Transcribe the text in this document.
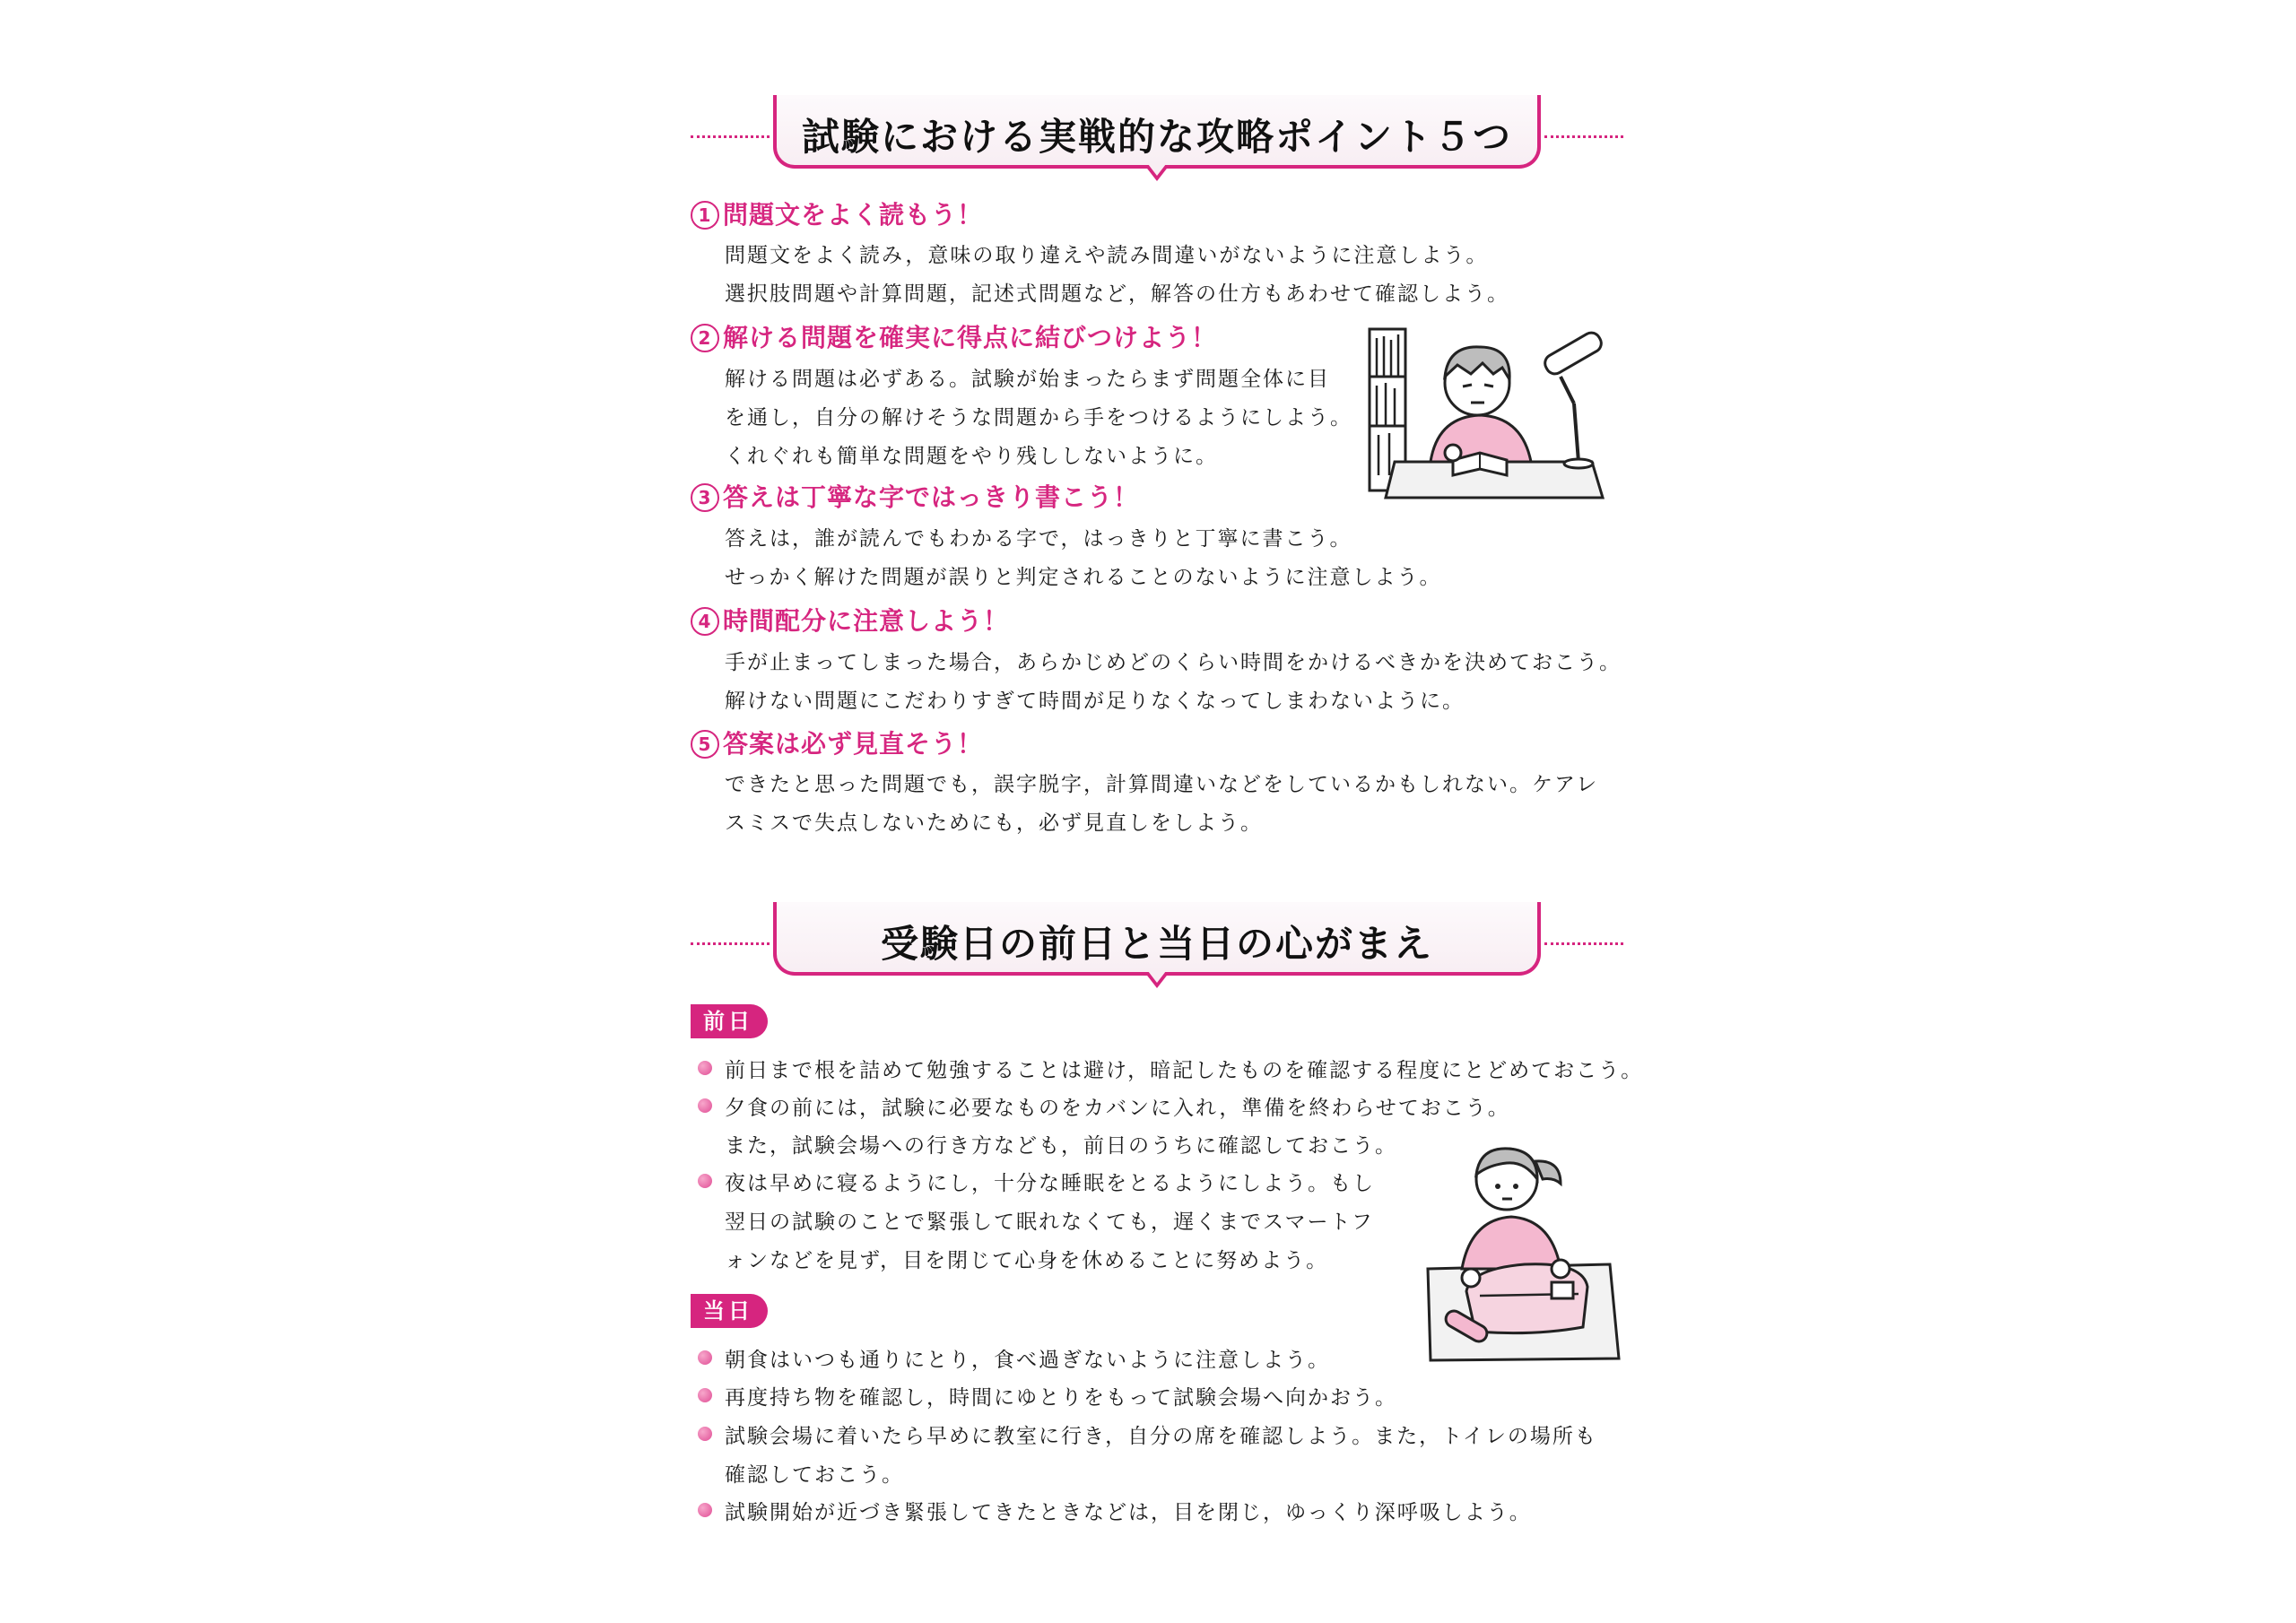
試験における実戦的な攻略ポイント５つ
1 問題文をよく読もう！
問題文をよく読み，意味の取り違えや読み間違いがないように注意しよう。
選択肢問題や計算問題，記述式問題など，解答の仕方もあわせて確認しよう。
2 解ける問題を確実に得点に結びつけよう！
解ける問題は必ずある。試験が始まったらまず問題全体に目
を通し，自分の解けそうな問題から手をつけるようにしよう。
くれぐれも簡単な問題をやり残ししないように。
3 答えは丁寧な字ではっきり書こう！
答えは，誰が読んでもわかる字で，はっきりと丁寧に書こう。
せっかく解けた問題が誤りと判定されることのないように注意しよう。
4 時間配分に注意しよう！
手が止まってしまった場合，あらかじめどのくらい時間をかけるべきかを決めておこう。
解けない問題にこだわりすぎて時間が足りなくなってしまわないように。
5 答案は必ず見直そう！
できたと思った問題でも，誤字脱字，計算間違いなどをしているかもしれない。ケアレ
スミスで失点しないためにも，必ず見直しをしよう。
受験日の前日と当日の心がまえ
前日
前日まで根を詰めて勉強することは避け，暗記したものを確認する程度にとどめておこう。
夕食の前には，試験に必要なものをカバンに入れ，準備を終わらせておこう。
また，試験会場への行き方なども，前日のうちに確認しておこう。
夜は早めに寝るようにし，十分な睡眠をとるようにしよう。もし
翌日の試験のことで緊張して眠れなくても，遅くまでスマートフ
ォンなどを見ず，目を閉じて心身を休めることに努めよう。
当日
朝食はいつも通りにとり，食べ過ぎないように注意しよう。
再度持ち物を確認し，時間にゆとりをもって試験会場へ向かおう。
試験会場に着いたら早めに教室に行き，自分の席を確認しよう。また，トイレの場所も
確認しておこう。
試験開始が近づき緊張してきたときなどは，目を閉じ，ゆっくり深呼吸しよう。
